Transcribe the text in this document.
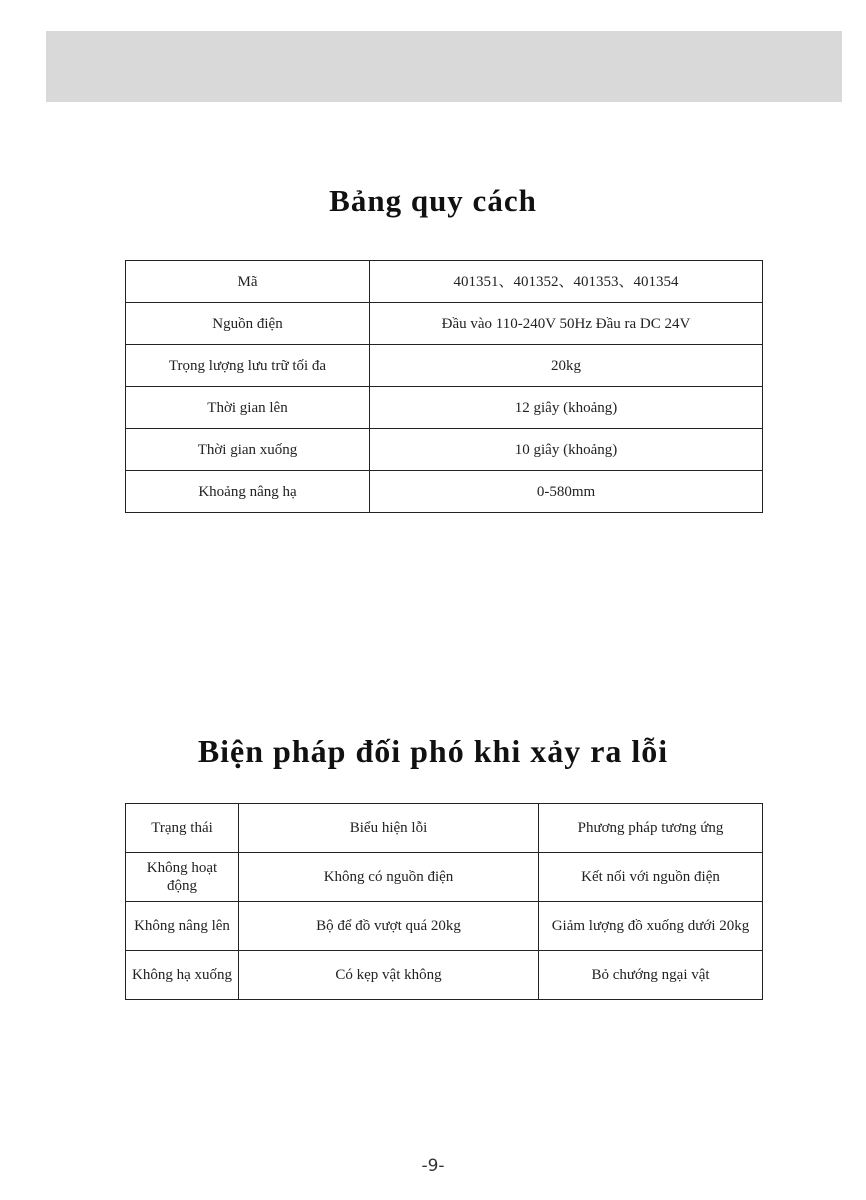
Bảng quy cách
Mã	401351、401352、401353、401354
Nguồn điện	Đầu vào 110-240V 50Hz Đầu ra DC 24V
Trọng lượng lưu trữ tối đa	20kg
Thời gian lên	12 giây (khoảng)
Thời gian xuống	10 giây (khoảng)
Khoảng nâng hạ	0-580mm
Biện pháp đối phó khi xảy ra lỗi
Trạng thái	Biểu hiện lỗi	Phương pháp tương ứng
Không hoạt động	Không có nguồn điện	Kết nối với nguồn điện
Không nâng lên	Bộ để đồ vượt quá 20kg	Giảm lượng đồ xuống dưới 20kg
Không hạ xuống	Có kẹp vật không	Bỏ chướng ngại vật
-9-
